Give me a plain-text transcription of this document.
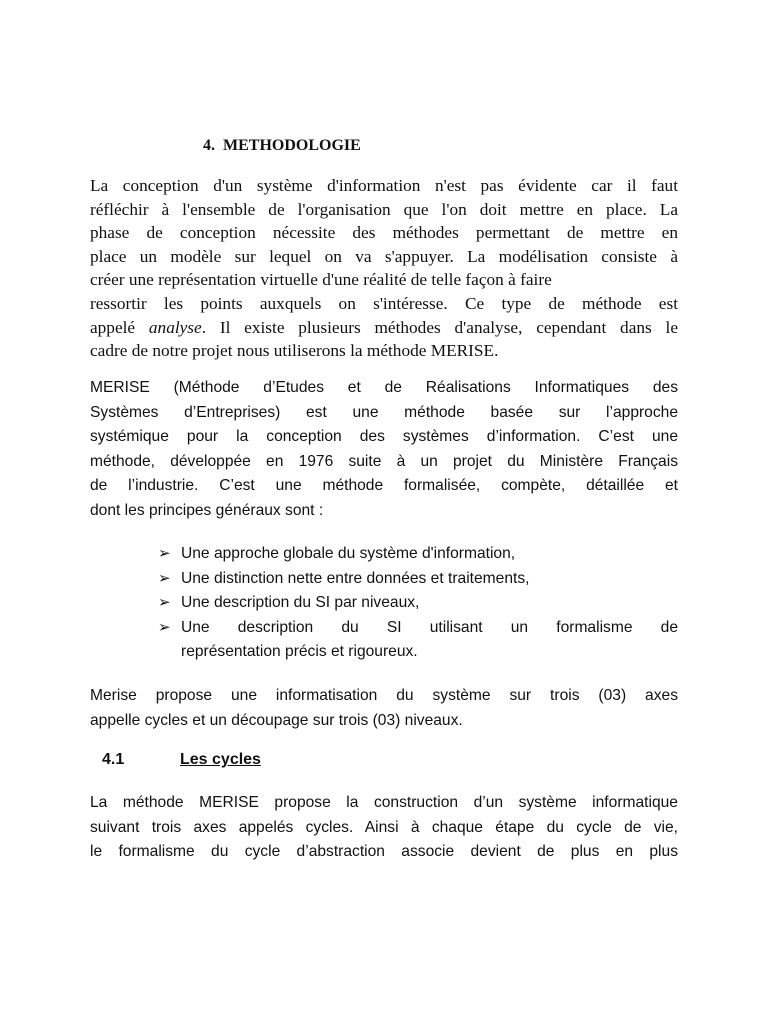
4. METHODOLOGIE

La conception d'un système d'information n'est pas évidente car il faut
réfléchir à l'ensemble de l'organisation que l'on doit mettre en place. La
phase de conception nécessite des méthodes permettant de mettre en
place un modèle sur lequel on va s'appuyer. La modélisation consiste à
créer une représentation virtuelle d'une réalité de telle façon à faire
ressortir les points auxquels on s'intéresse. Ce type de méthode est
appelé analyse. Il existe plusieurs méthodes d'analyse, cependant dans le
cadre de notre projet nous utiliserons la méthode MERISE.

MERISE (Méthode d’Etudes et de Réalisations Informatiques des
Systèmes d’Entreprises) est une méthode basée sur l’approche
systémique pour la conception des systèmes d’information. C’est une
méthode, développée en 1976 suite à un projet du Ministère Français
de l’industrie. C’est une méthode formalisée, compète, détaillée et
dont les principes généraux sont :

➢ Une approche globale du système d'information,
➢ Une distinction nette entre données et traitements,
➢ Une description du SI par niveaux,
➢ Une description du SI utilisant un formalisme de
représentation précis et rigoureux.

Merise propose une informatisation du système sur trois (03) axes
appelle cycles et un découpage sur trois (03) niveaux.

4.1	Les cycles

La méthode MERISE propose la construction d’un système informatique
suivant trois axes appelés cycles. Ainsi à chaque étape du cycle de vie,
le formalisme du cycle d’abstraction associe devient de plus en plus
